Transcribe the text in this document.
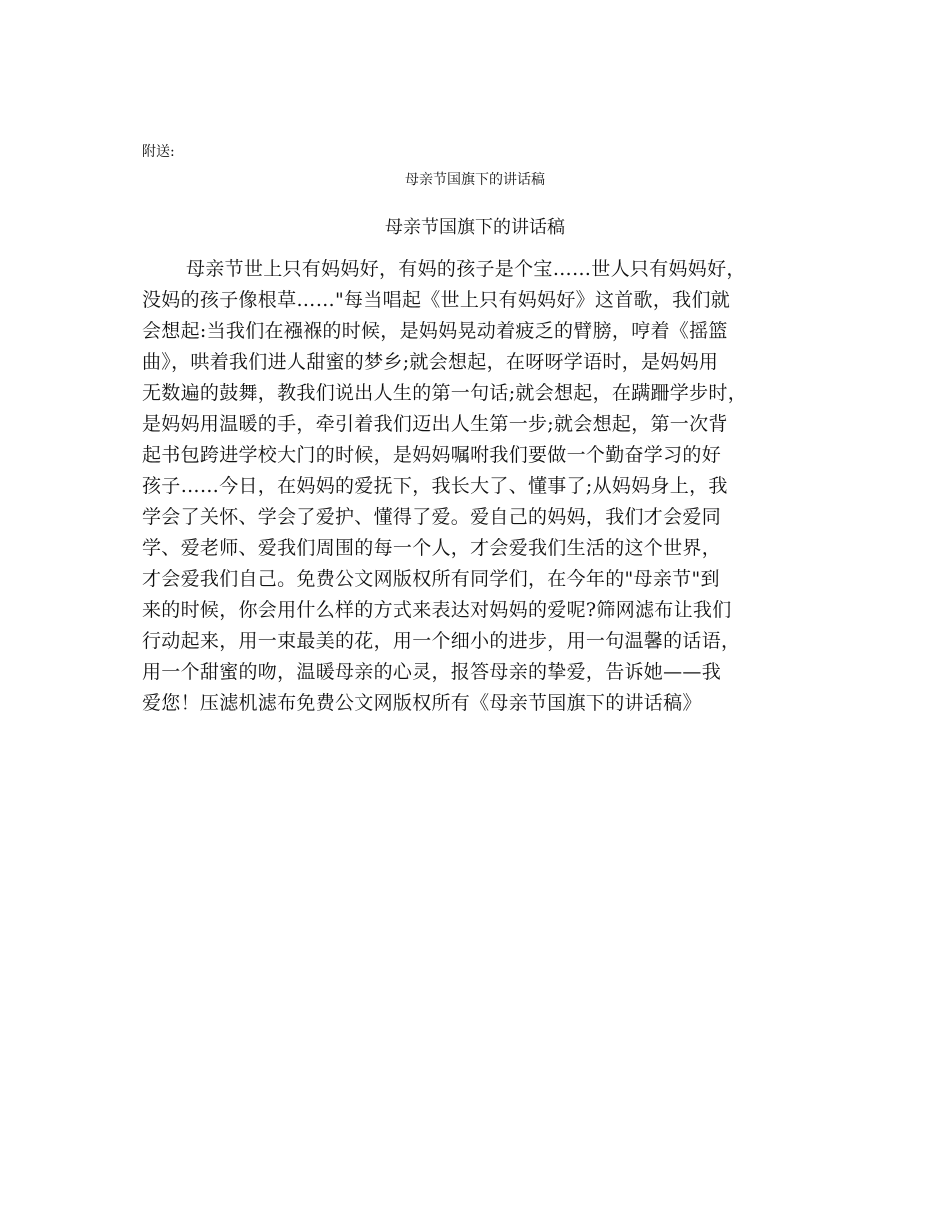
附送:
母亲节国旗下的讲话稿
母亲节国旗下的讲话稿
母亲节世上只有妈妈好，有妈的孩子是个宝……世人只有妈妈好，
没妈的孩子像根草……"每当唱起《世上只有妈妈好》这首歌，我们就
会想起:当我们在襁褓的时候，是妈妈晃动着疲乏的臂膀，哼着《摇篮
曲》，哄着我们进人甜蜜的梦乡;就会想起，在呀呀学语时，是妈妈用
无数遍的鼓舞，教我们说出人生的第一句话;就会想起，在蹒跚学步时，
是妈妈用温暖的手，牵引着我们迈出人生第一步;就会想起，第一次背
起书包跨进学校大门的时候，是妈妈嘱咐我们要做一个勤奋学习的好
孩子……今日，在妈妈的爱抚下，我长大了、懂事了;从妈妈身上，我
学会了关怀、学会了爱护、懂得了爱。爱自己的妈妈，我们才会爱同
学、爱老师、爱我们周围的每一个人，才会爱我们生活的这个世界，
才会爱我们自己。免费公文网版权所有同学们，在今年的"母亲节"到
来的时候，你会用什么样的方式来表达对妈妈的爱呢?筛网滤布让我们
行动起来，用一束最美的花，用一个细小的进步，用一句温馨的话语，
用一个甜蜜的吻，温暖母亲的心灵，报答母亲的挚爱，告诉她——我
爱您！压滤机滤布免费公文网版权所有《母亲节国旗下的讲话稿》
